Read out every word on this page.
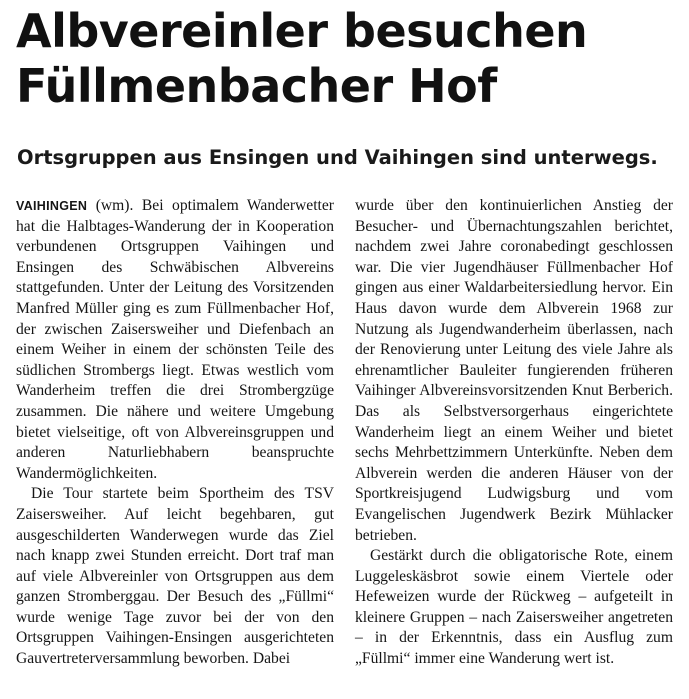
Albvereinler besuchen
Füllmenbacher Hof
Ortsgruppen aus Ensingen und Vaihingen sind unterwegs.

VAIHINGEN (wm). Bei optimalem Wanderwetter hat die Halbtages-Wanderung der in Kooperation verbundenen Ortsgruppen Vaihingen und Ensingen des Schwäbischen Albvereins stattgefunden. Unter der Leitung des Vorsitzenden Manfred Müller ging es zum Füllmenbacher Hof, der zwischen Zaisersweiher und Diefenbach an einem Weiher in einem der schönsten Teile des südlichen Strombergs liegt. Etwas westlich vom Wanderheim treffen die drei Strombergzüge zusammen. Die nähere und weitere Umgebung bietet vielseitige, oft von Albvereinsgruppen und anderen Naturliebhabern beanspruchte Wandermöglichkeiten.

Die Tour startete beim Sportheim des TSV Zaisersweiher. Auf leicht begehbaren, gut ausgeschilderten Wanderwegen wurde das Ziel nach knapp zwei Stunden erreicht. Dort traf man auf viele Albvereinler von Ortsgruppen aus dem ganzen Stromberggau. Der Besuch des „Füllmi“ wurde wenige Tage zuvor bei der von den Ortsgruppen Vaihingen-Ensingen ausgerichteten Gauvertreterversammlung beworben. Dabei

wurde über den kontinuierlichen Anstieg der Besucher- und Übernachtungszahlen berichtet, nachdem zwei Jahre coronabedingt geschlossen war. Die vier Jugendhäuser Füllmenbacher Hof gingen aus einer Waldarbeitersiedlung hervor. Ein Haus davon wurde dem Albverein 1968 zur Nutzung als Jugendwanderheim überlassen, nach der Renovierung unter Leitung des viele Jahre als ehrenamtlicher Bauleiter fungierenden früheren Vaihinger Albvereinsvorsitzenden Knut Berberich. Das als Selbstversorgerhaus eingerichtete Wanderheim liegt an einem Weiher und bietet sechs Mehrbettzimmern Unterkünfte. Neben dem Albverein werden die anderen Häuser von der Sportkreisjugend Ludwigsburg und vom Evangelischen Jugendwerk Bezirk Mühlacker betrieben.

Gestärkt durch die obligatorische Rote, einem Luggeleskäsbrot sowie einem Viertele oder Hefeweizen wurde der Rückweg – aufgeteilt in kleinere Gruppen – nach Zaisersweiher angetreten – in der Erkenntnis, dass ein Ausflug zum „Füllmi“ immer eine Wanderung wert ist.
